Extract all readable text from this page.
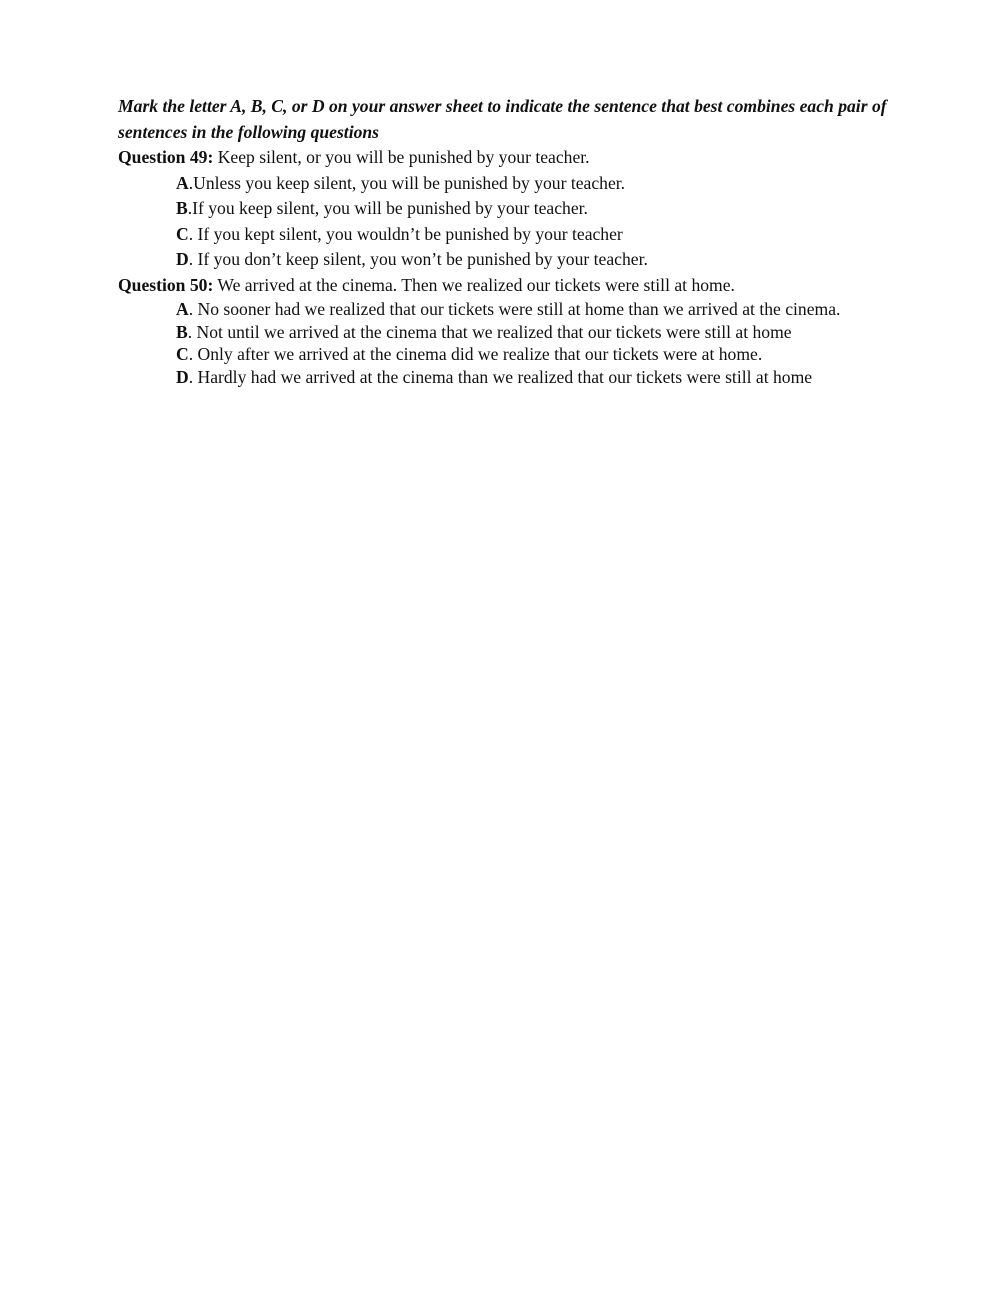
Mark the letter A, B, C, or D on your answer sheet to indicate the sentence that best combines each pair of sentences in the following questions

Question 49: Keep silent, or you will be punished by your teacher.

A.Unless you keep silent, you will be punished by your teacher.

B.If you keep silent, you will be punished by your teacher.

C. If you kept silent, you wouldn’t be punished by your teacher

D. If you don’t keep silent, you won’t be punished by your teacher.

Question 50: We arrived at the cinema. Then we realized our tickets were still at home.

A. No sooner had we realized that our tickets were still at home than we arrived at the cinema.

B. Not until we arrived at the cinema that we realized that our tickets were still at home

C. Only after we arrived at the cinema did we realize that our tickets were at home.

D. Hardly had we arrived at the cinema than we realized that our tickets were still at home
